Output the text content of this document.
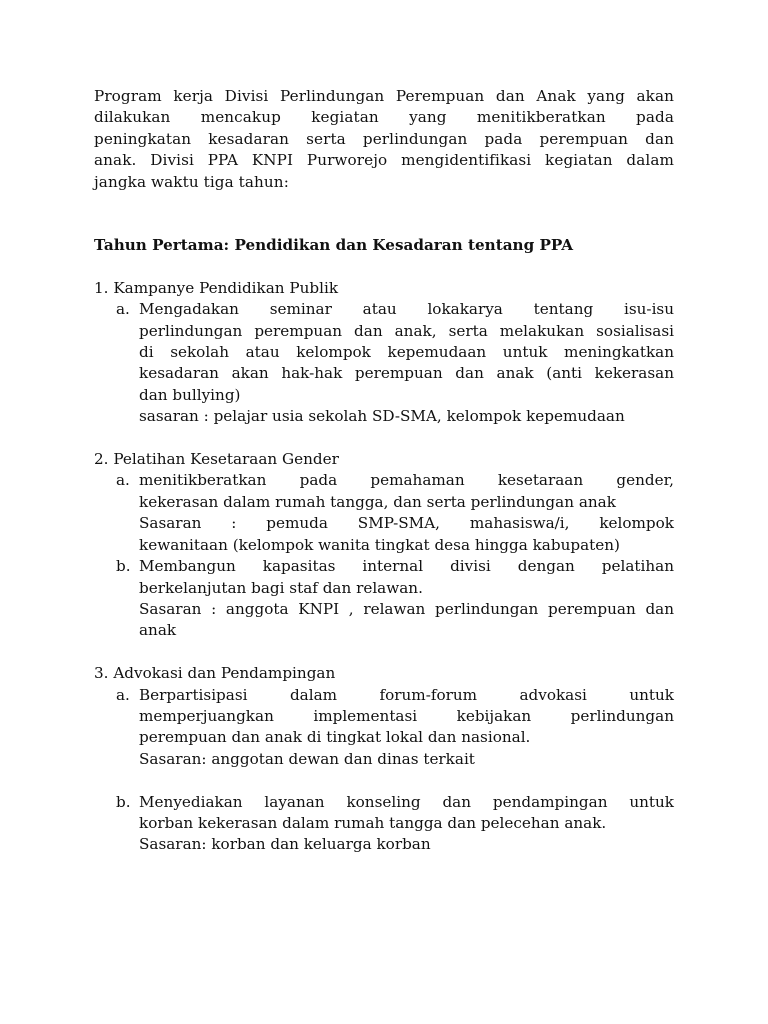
Program kerja Divisi Perlindungan Perempuan dan Anak yang akan
dilakukan mencakup kegiatan yang menitikberatkan pada
peningkatan kesadaran serta perlindungan pada perempuan dan
anak. Divisi PPA KNPI Purworejo mengidentifikasi kegiatan dalam
jangka waktu tiga tahun:

Tahun Pertama: Pendidikan dan Kesadaran tentang PPA

1. Kampanye Pendidikan Publik

a. Mengadakan seminar atau lokakarya tentang isu-isu
perlindungan perempuan dan anak, serta melakukan sosialisasi
di sekolah atau kelompok kepemudaan untuk meningkatkan
kesadaran akan hak-hak perempuan dan anak (anti kekerasan
dan bullying)
sasaran : pelajar usia sekolah SD-SMA, kelompok kepemudaan

2. Pelatihan Kesetaraan Gender

a. menitikberatkan pada pemahaman kesetaraan gender,
kekerasan dalam rumah tangga, dan serta perlindungan anak
Sasaran : pemuda SMP-SMA, mahasiswa/i, kelompok
kewanitaan (kelompok wanita tingkat desa hingga kabupaten)
b. Membangun kapasitas internal divisi dengan pelatihan
berkelanjutan bagi staf dan relawan.
Sasaran : anggota KNPI , relawan perlindungan perempuan dan
anak

3. Advokasi dan Pendampingan

a. Berpartisipasi dalam forum-forum advokasi untuk
memperjuangkan implementasi kebijakan perlindungan
perempuan dan anak di tingkat lokal dan nasional.
Sasaran: anggotan dewan dan dinas terkait
b. Menyediakan layanan konseling dan pendampingan untuk
korban kekerasan dalam rumah tangga dan pelecehan anak.
Sasaran: korban dan keluarga korban
